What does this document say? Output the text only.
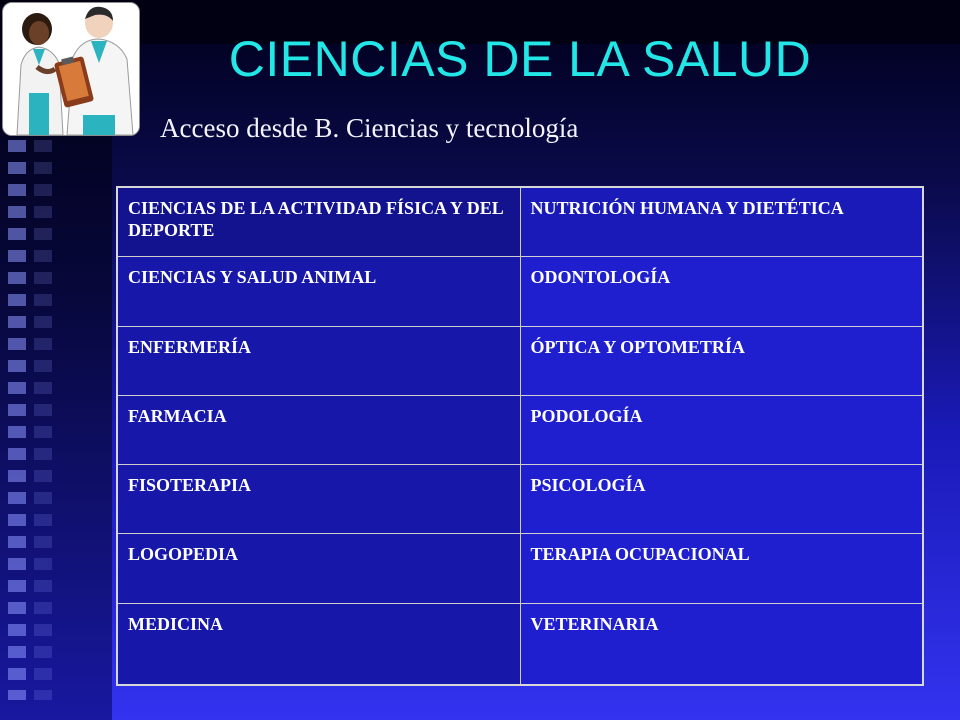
CIENCIAS DE LA SALUD
Acceso desde B. Ciencias y tecnología
CIENCIAS DE LA ACTIVIDAD FÍSICA Y DEL DEPORTE	NUTRICIÓN HUMANA Y DIETÉTICA
CIENCIAS Y SALUD ANIMAL	ODONTOLOGÍA
ENFERMERÍA	ÓPTICA Y OPTOMETRÍA
FARMACIA	PODOLOGÍA
FISOTERAPIA	PSICOLOGÍA
LOGOPEDIA	TERAPIA OCUPACIONAL
MEDICINA	VETERINARIA
